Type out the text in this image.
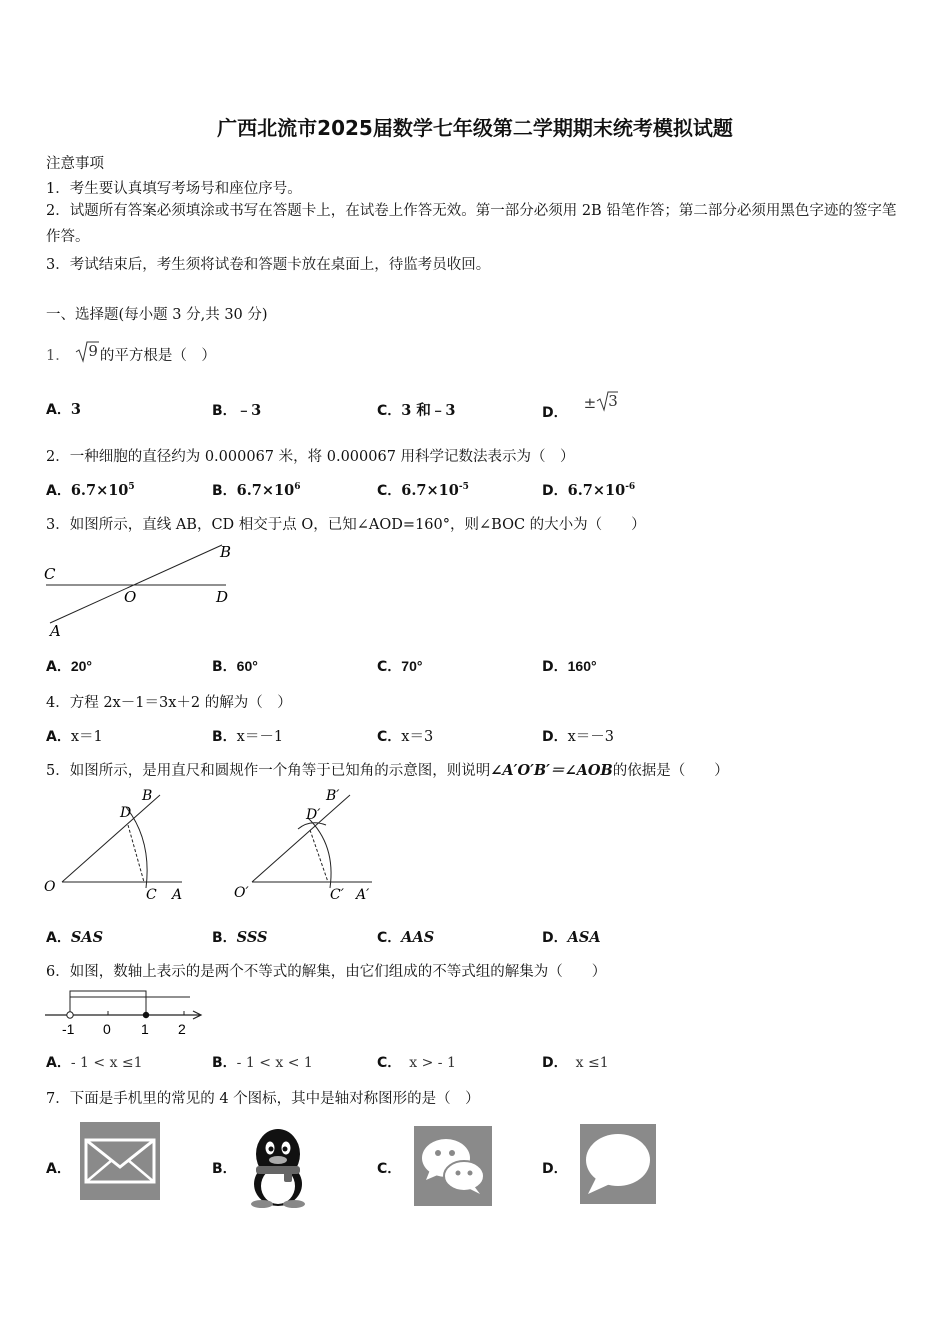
广西北流市2025届数学七年级第二学期期末统考模拟试题
注意事项
1．考生要认真填写考场号和座位序号。
2．试题所有答案必须填涂或书写在答题卡上，在试卷上作答无效。第一部分必须用 2B 铅笔作答；第二部分必须用黑色字迹的签字笔作答。
3．考试结束后，考生须将试卷和答题卡放在桌面上，待监考员收回。
一、选择题(每小题 3 分,共 30 分)
1． 9 的平方根是（　）
A．3	B．﹣3	C．3 和﹣3	D．± 3
2．一种细胞的直径约为 0.000067 米，将 0.000067 用科学记数法表示为（　）
A．$6.7\times 10^5$	B．$6.7\times 10^6$	C．$6.7\times 10^{-5}$	D．$6.7\times 10^{-6}$
3．如图所示，直线 AB，CD 相交于点 O，已知∠AOD=160°，则∠BOC 的大小为（　　）
C
O	D
B
A
A．20°	B．60°	C．70°	D．160°
4．方程 2x－1＝3x＋2 的解为（　）
A．x＝1	B．x＝－1	C．x＝3	D．x＝－3
5．如图所示，是用直尺和圆规作一个角等于已知角的示意图，则说明∠A′O′B′＝∠AOB的依据是（　　）
O	C A
D
B
O′	C′ A′
D′
B′
A．SAS	B．SSS	C．AAS	D．ASA
6．如图，数轴上表示的是两个不等式的解集，由它们组成的不等式组的解集为（　　）
-1 0 1 2
A．- 1 < x ≤1	B．- 1 < x < 1	C． x > - 1	D． x ≤1
7．下面是手机里的常见的 4 个图标，其中是轴对称图形的是（　）
A．	B．	C．	D．
